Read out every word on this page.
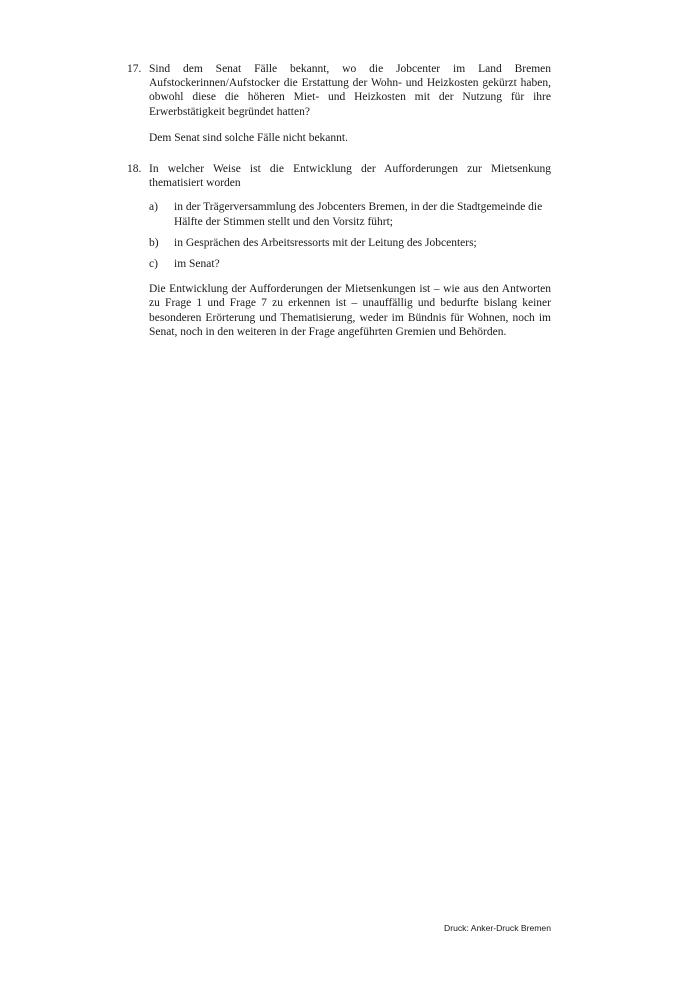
17. Sind dem Senat Fälle bekannt, wo die Jobcenter im Land Bremen Aufstockerinnen/Aufstocker die Erstattung der Wohn- und Heizkosten gekürzt haben, obwohl diese die höheren Miet- und Heizkosten mit der Nutzung für ihre Erwerbstätigkeit begründet hatten?
Dem Senat sind solche Fälle nicht bekannt.
18. In welcher Weise ist die Entwicklung der Aufforderungen zur Mietsenkung thematisiert worden
a) in der Trägerversammlung des Jobcenters Bremen, in der die Stadtgemeinde die Hälfte der Stimmen stellt und den Vorsitz führt;
b) in Gesprächen des Arbeitsressorts mit der Leitung des Jobcenters;
c) im Senat?
Die Entwicklung der Aufforderungen der Mietsenkungen ist – wie aus den Antworten zu Frage 1 und Frage 7 zu erkennen ist – unauffällig und bedurfte bislang keiner besonderen Erörterung und Thematisierung, weder im Bündnis für Wohnen, noch im Senat, noch in den weiteren in der Frage angeführten Gremien und Behörden.
Druck: Anker-Druck Bremen
